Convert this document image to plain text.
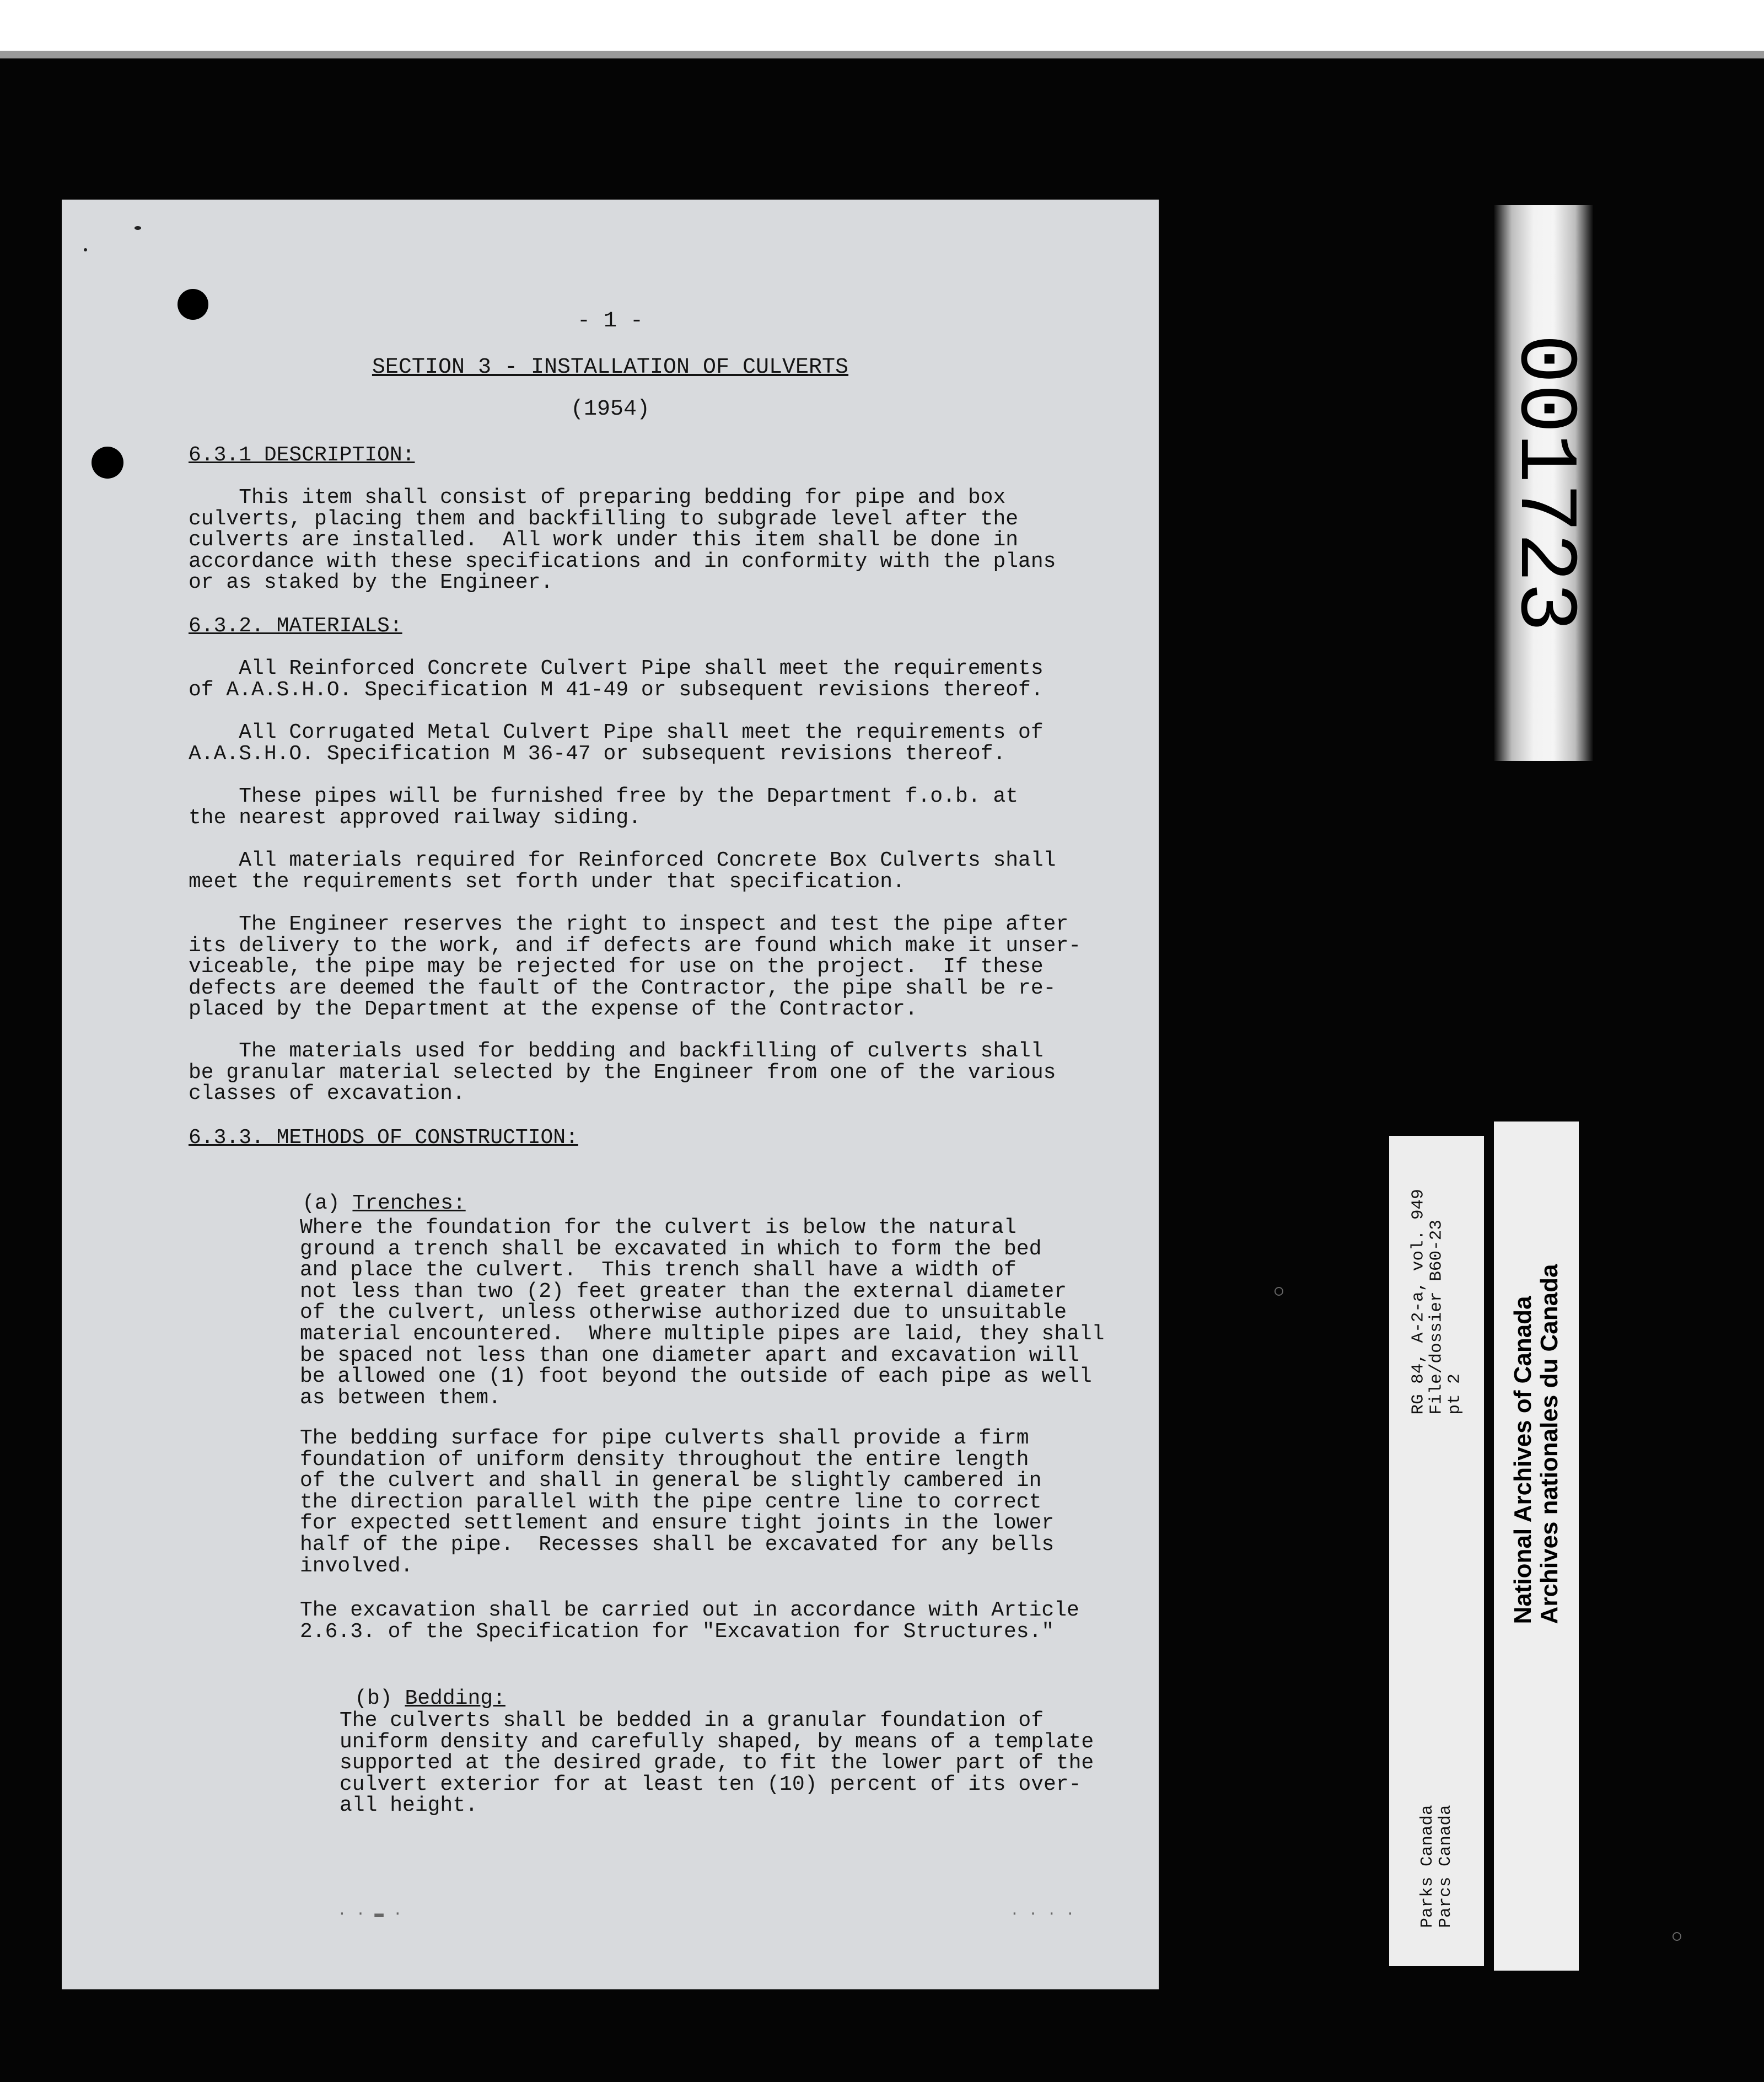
- 1 -
SECTION 3 - INSTALLATION OF CULVERTS
(1954)
6.3.1 DESCRIPTION:
This item shall consist of preparing bedding for pipe and box
culverts, placing them and backfilling to subgrade level after the
culverts are installed.  All work under this item shall be done in
accordance with these specifications and in conformity with the plans
or as staked by the Engineer.
6.3.2. MATERIALS:
All Reinforced Concrete Culvert Pipe shall meet the requirements
of A.A.S.H.O. Specification M 41-49 or subsequent revisions thereof.
All Corrugated Metal Culvert Pipe shall meet the requirements of
A.A.S.H.O. Specification M 36-47 or subsequent revisions thereof.
These pipes will be furnished free by the Department f.o.b. at
the nearest approved railway siding.
All materials required for Reinforced Concrete Box Culverts shall
meet the requirements set forth under that specification.
The Engineer reserves the right to inspect and test the pipe after
its delivery to the work, and if defects are found which make it unser-
viceable, the pipe may be rejected for use on the project.  If these
defects are deemed the fault of the Contractor, the pipe shall be re-
placed by the Department at the expense of the Contractor.
The materials used for bedding and backfilling of culverts shall
be granular material selected by the Engineer from one of the various
classes of excavation.
6.3.3. METHODS OF CONSTRUCTION:

(a) Trenches:

Where the foundation for the culvert is below the natural
ground a trench shall be excavated in which to form the bed
and place the culvert.  This trench shall have a width of
not less than two (2) feet greater than the external diameter
of the culvert, unless otherwise authorized due to unsuitable
material encountered.  Where multiple pipes are laid, they shall
be spaced not less than one diameter apart and excavation will
be allowed one (1) foot beyond the outside of each pipe as well
as between them.
The bedding surface for pipe culverts shall provide a firm
foundation of uniform density throughout the entire length
of the culvert and shall in general be slightly cambered in
the direction parallel with the pipe centre line to correct
for expected settlement and ensure tight joints in the lower
half of the pipe.  Recesses shall be excavated for any bells
involved.
The excavation shall be carried out in accordance with Article
2.6.3. of the Specification for "Excavation for Structures."

(b) Bedding:

The culverts shall be bedded in a granular foundation of
uniform density and carefully shaped, by means of a template
supported at the desired grade, to fit the lower part of the
culvert exterior for at least ten (10) percent of its over-
all height.
· · ▬ ·	· · · ·
001723
RG 84, A-2-a, vol. 949
File/dossier B60-23
pt 2
Parks Canada
Parcs Canada
National Archives of Canada
Archives nationales du Canada
